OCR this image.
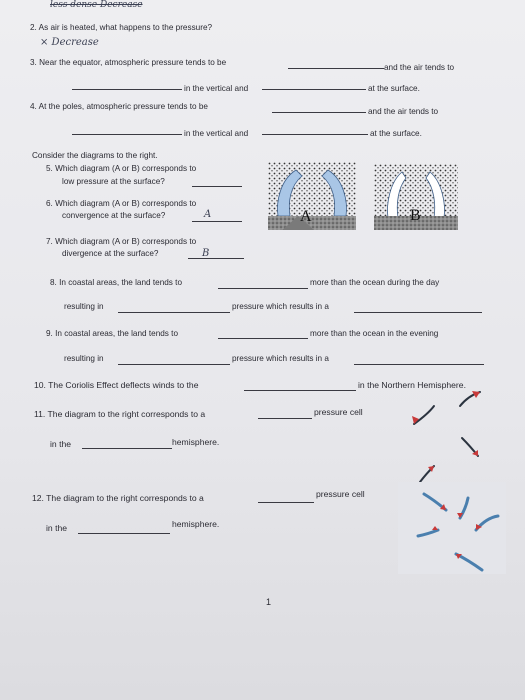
less dense Decrease
2. As air is heated, what happens to the pressure?
× Decrease
3. Near the equator, atmospheric pressure tends to be
and the air tends to
in the vertical and	at the surface.
4. At the poles, atmospheric pressure tends to be
and the air tends to
in the vertical and	at the surface.
Consider the diagrams to the right.
5. Which diagram (A or B) corresponds to
low pressure at the surface?
6. Which diagram (A or B) corresponds to
convergence at the surface?	A
7. Which diagram (A or B) corresponds to
divergence at the surface?	B
A	B
8. In coastal areas, the land tends to	more than the ocean during the day
resulting in	pressure which results in a
9. In coastal areas, the land tends to	more than the ocean in the evening
resulting in	pressure which results in a
10. The Coriolis Effect deflects winds to the	in the Northern Hemisphere.
11. The diagram to the right corresponds to a	pressure cell
in the	hemisphere.
12. The diagram to the right corresponds to a	pressure cell
in the	hemisphere.
1
